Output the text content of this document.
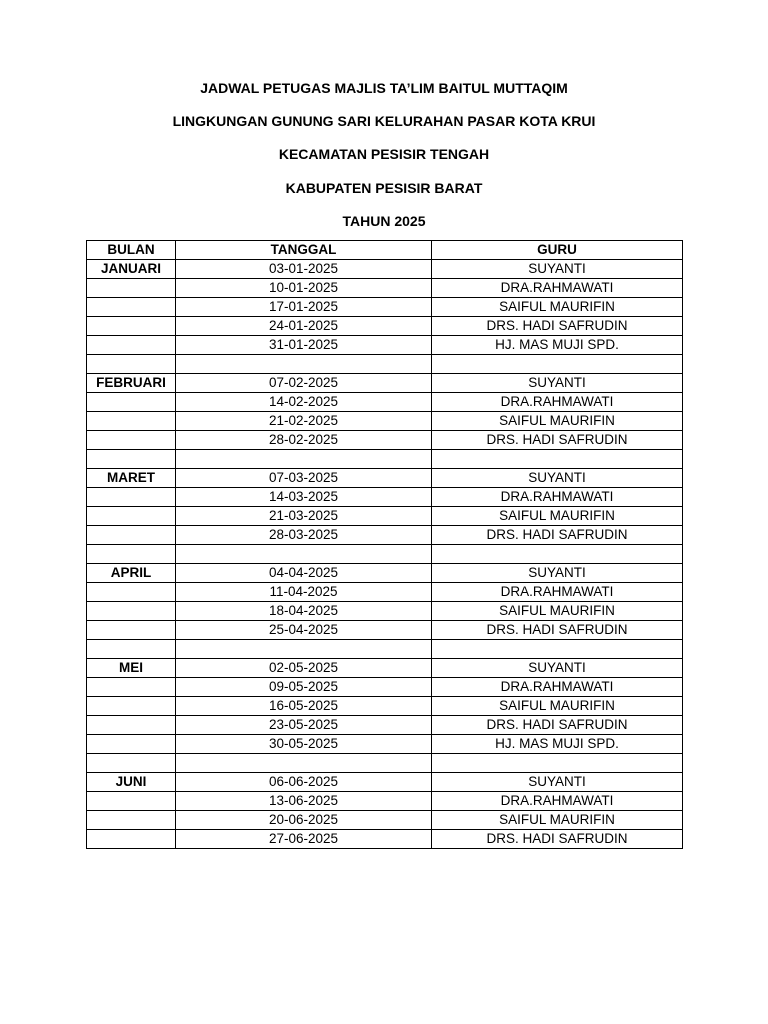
JADWAL PETUGAS MAJLIS TA’LIM BAITUL MUTTAQIM
LINGKUNGAN GUNUNG SARI KELURAHAN PASAR KOTA KRUI
KECAMATAN PESISIR TENGAH
KABUPATEN PESISIR BARAT
TAHUN 2025
BULAN	TANGGAL	GURU
JANUARI	03-01-2025	SUYANTI
	10-01-2025	DRA.RAHMAWATI
	17-01-2025	SAIFUL MAURIFIN
	24-01-2025	DRS. HADI SAFRUDIN
	31-01-2025	HJ. MAS MUJI SPD.

FEBRUARI	07-02-2025	SUYANTI
	14-02-2025	DRA.RAHMAWATI
	21-02-2025	SAIFUL MAURIFIN
	28-02-2025	DRS. HADI SAFRUDIN

MARET	07-03-2025	SUYANTI
	14-03-2025	DRA.RAHMAWATI
	21-03-2025	SAIFUL MAURIFIN
	28-03-2025	DRS. HADI SAFRUDIN

APRIL	04-04-2025	SUYANTI
	11-04-2025	DRA.RAHMAWATI
	18-04-2025	SAIFUL MAURIFIN
	25-04-2025	DRS. HADI SAFRUDIN

MEI	02-05-2025	SUYANTI
	09-05-2025	DRA.RAHMAWATI
	16-05-2025	SAIFUL MAURIFIN
	23-05-2025	DRS. HADI SAFRUDIN
	30-05-2025	HJ. MAS MUJI SPD.

JUNI	06-06-2025	SUYANTI
	13-06-2025	DRA.RAHMAWATI
	20-06-2025	SAIFUL MAURIFIN
	27-06-2025	DRS. HADI SAFRUDIN
